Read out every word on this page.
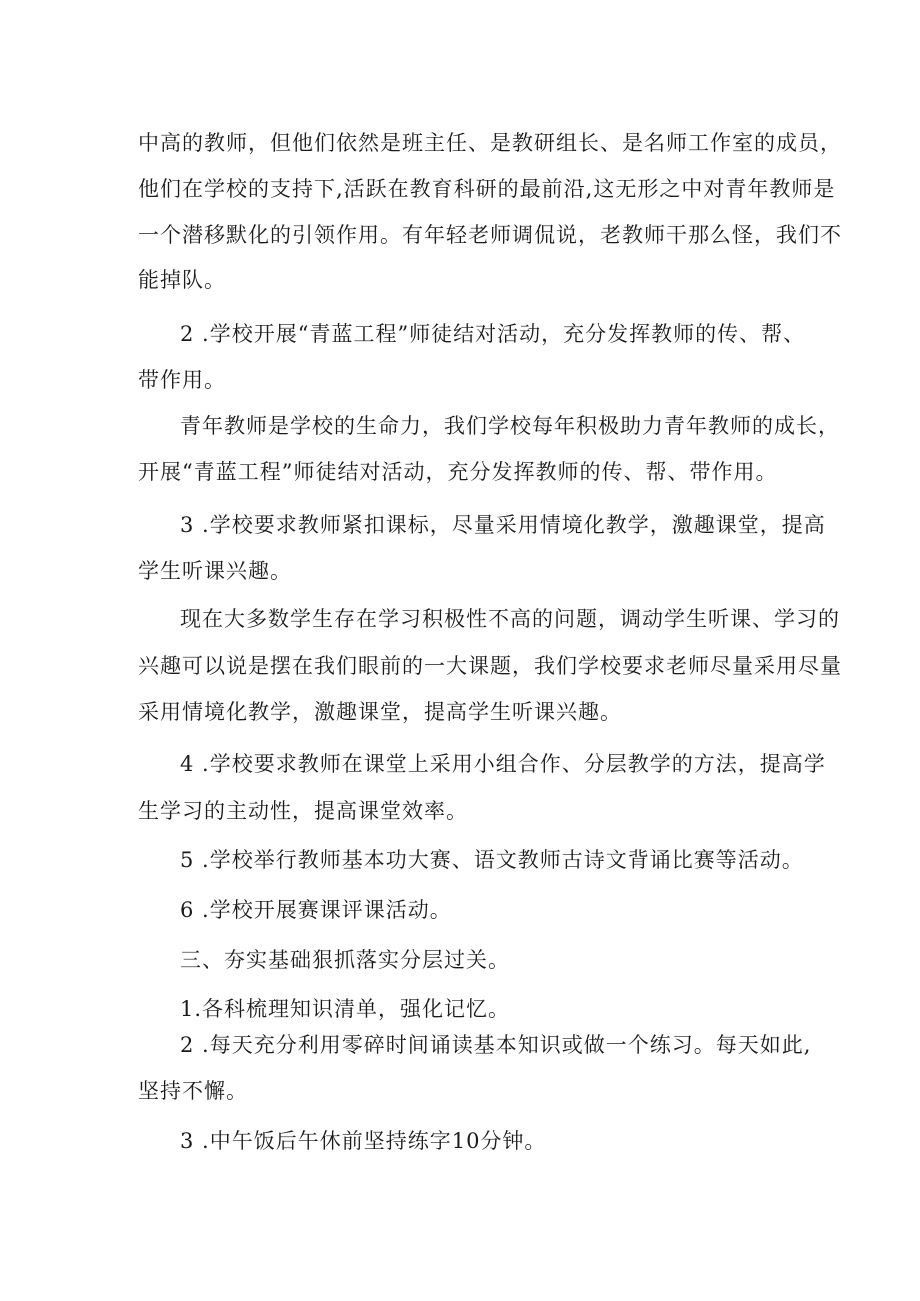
中高的教师，但他们依然是班主任、是教研组长、是名师工作室的成员，
他们在学校的支持下,活跃在教育科研的最前沿,这无形之中对青年教师是
一个潜移默化的引领作用。有年轻老师调侃说，老教师干那么怪，我们不
能掉队。
2 .学校开展“青蓝工程”师徒结对活动，充分发挥教师的传、帮、
带作用。
青年教师是学校的生命力，我们学校每年积极助力青年教师的成长，
开展“青蓝工程”师徒结对活动，充分发挥教师的传、帮、带作用。
3 .学校要求教师紧扣课标，尽量采用情境化教学，激趣课堂，提高
学生听课兴趣。
现在大多数学生存在学习积极性不高的问题，调动学生听课、学习的
兴趣可以说是摆在我们眼前的一大课题，我们学校要求老师尽量采用尽量
采用情境化教学，激趣课堂，提高学生听课兴趣。
4 .学校要求教师在课堂上采用小组合作、分层教学的方法，提高学
生学习的主动性，提高课堂效率。
5 .学校举行教师基本功大赛、语文教师古诗文背诵比赛等活动。
6 .学校开展赛课评课活动。
三、夯实基础狠抓落实分层过关。
1.各科梳理知识清单，强化记忆。
2 .每天充分利用零碎时间诵读基本知识或做一个练习。每天如此,
坚持不懈。
3 .中午饭后午休前坚持练字10分钟。
